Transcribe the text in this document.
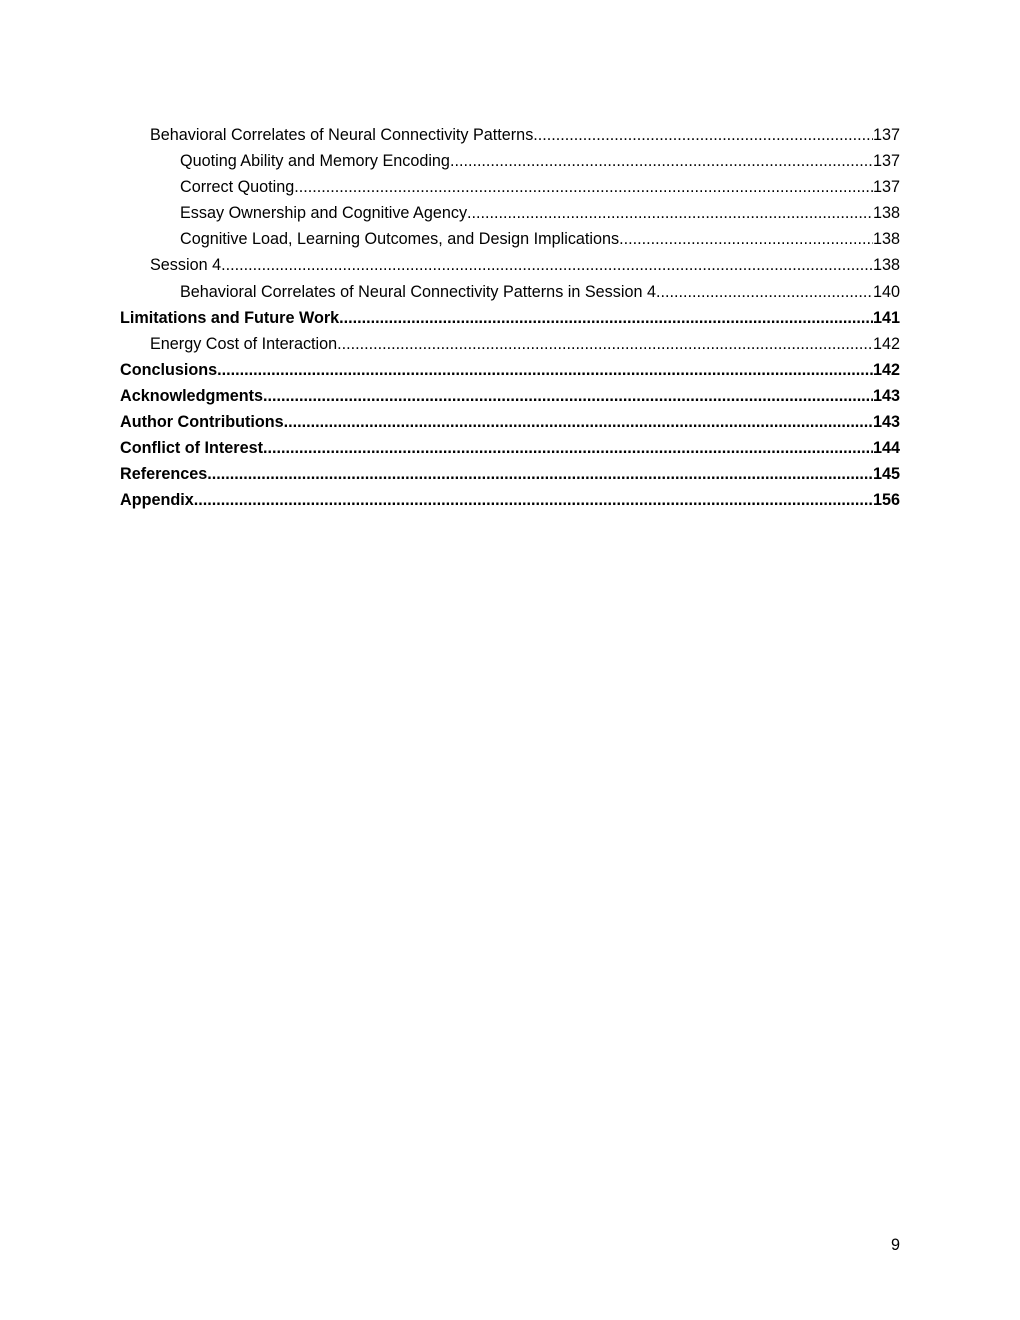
Behavioral Correlates of Neural Connectivity Patterns .....	137
Quoting Ability and Memory Encoding .....	137
Correct Quoting .....	137
Essay Ownership and Cognitive Agency .....	138
Cognitive Load, Learning Outcomes, and Design Implications .....	138
Session 4 .....	138
Behavioral Correlates of Neural Connectivity Patterns in Session 4 .....	140
Limitations and Future Work .....	141
Energy Cost of Interaction .....	142
Conclusions .....	142
Acknowledgments .....	143
Author Contributions .....	143
Conflict of Interest .....	144
References .....	145
Appendix .....	156
9
